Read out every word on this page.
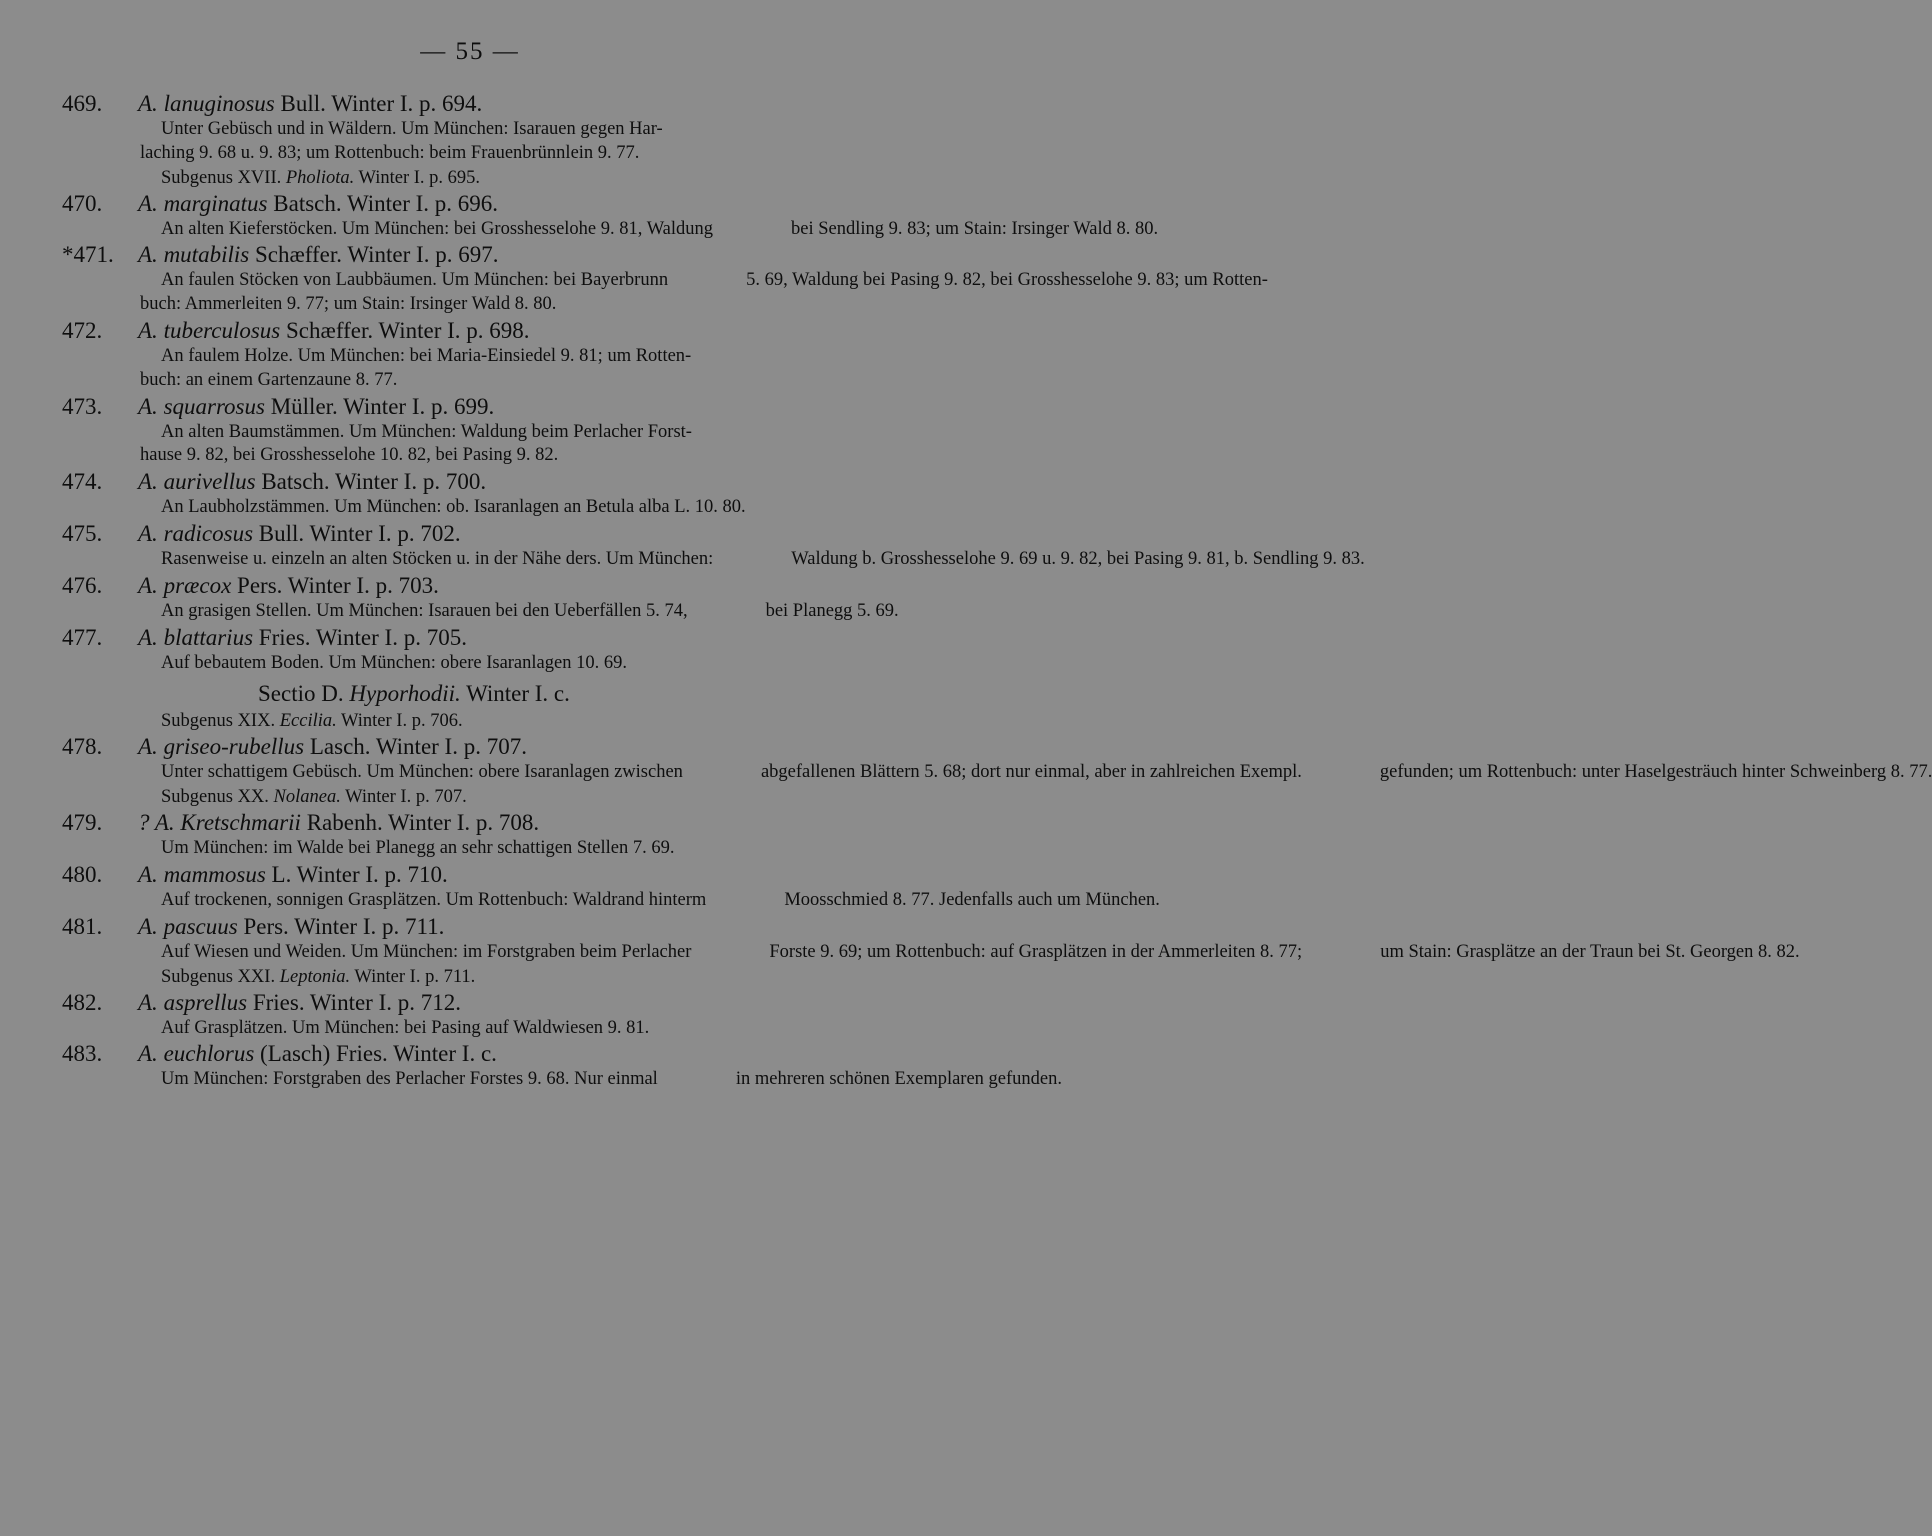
— 55 —
469.	A. lanuginosus Bull. Winter I. p. 694.
Unter Gebüsch und in Wäldern. Um München: Isarauen gegen Har-laching 9. 68 u. 9. 83; um Rottenbuch: beim Frauenbrünnlein 9. 77.
Subgenus XVII. Pholiota. Winter I. p. 695.
470.	A. marginatus Batsch. Winter I. p. 696.
An alten Kieferstöcken. Um München: bei Grosshesselohe 9. 81, Waldung	bei Sendling 9. 83; um Stain: Irsinger Wald 8. 80.
*471.	A. mutabilis Schæffer. Winter I. p. 697.
An faulen Stöcken von Laubbäumen. Um München: bei Bayerbrunn	5. 69, Waldung bei Pasing 9. 82, bei Grosshesselohe 9. 83; um Rotten-buch: Ammerleiten 9. 77; um Stain: Irsinger Wald 8. 80.
472.	A. tuberculosus Schæffer. Winter I. p. 698.
An faulem Holze. Um München: bei Maria-Einsiedel 9. 81; um Rotten-buch: an einem Gartenzaune 8. 77.
473.	A. squarrosus Müller. Winter I. p. 699.
An alten Baumstämmen. Um München: Waldung beim Perlacher Forst-hause 9. 82, bei Grosshesselohe 10. 82, bei Pasing 9. 82.
474.	A. aurivellus Batsch. Winter I. p. 700.
An Laubholzstämmen. Um München: ob. Isaranlagen an Betula alba L. 10. 80.
475.	A. radicosus Bull. Winter I. p. 702.
Rasenweise u. einzeln an alten Stöcken u. in der Nähe ders. Um München:	Waldung b. Grosshesselohe 9. 69 u. 9. 82, bei Pasing 9. 81, b. Sendling 9. 83.
476.	A. præcox Pers. Winter I. p. 703.
An grasigen Stellen. Um München: Isarauen bei den Ueberfällen 5. 74,	bei Planegg 5. 69.
477.	A. blattarius Fries. Winter I. p. 705.
Auf bebautem Boden. Um München: obere Isaranlagen 10. 69.
Sectio D. Hyporhodii. Winter I. c.
Subgenus XIX. Eccilia. Winter I. p. 706.
478.	A. griseo-rubellus Lasch. Winter I. p. 707.
Unter schattigem Gebüsch. Um München: obere Isaranlagen zwischen	abgefallenen Blättern 5. 68; dort nur einmal, aber in zahlreichen Exempl.	gefunden; um Rottenbuch: unter Haselgesträuch hinter Schweinberg 8. 77.
Subgenus XX. Nolanea. Winter I. p. 707.
479.	? A. Kretschmarii Rabenh. Winter I. p. 708.
Um München: im Walde bei Planegg an sehr schattigen Stellen 7. 69.
480.	A. mammosus L. Winter I. p. 710.
Auf trockenen, sonnigen Grasplätzen. Um Rottenbuch: Waldrand hinterm	Moosschmied 8. 77. Jedenfalls auch um München.
481.	A. pascuus Pers. Winter I. p. 711.
Auf Wiesen und Weiden. Um München: im Forstgraben beim Perlacher	Forste 9. 69; um Rottenbuch: auf Grasplätzen in der Ammerleiten 8. 77;	um Stain: Grasplätze an der Traun bei St. Georgen 8. 82.
Subgenus XXI. Leptonia. Winter I. p. 711.
482.	A. asprellus Fries. Winter I. p. 712.
Auf Grasplätzen. Um München: bei Pasing auf Waldwiesen 9. 81.
483.	A. euchlorus (Lasch) Fries. Winter I. c.
Um München: Forstgraben des Perlacher Forstes 9. 68. Nur einmal	in mehreren schönen Exemplaren gefunden.
